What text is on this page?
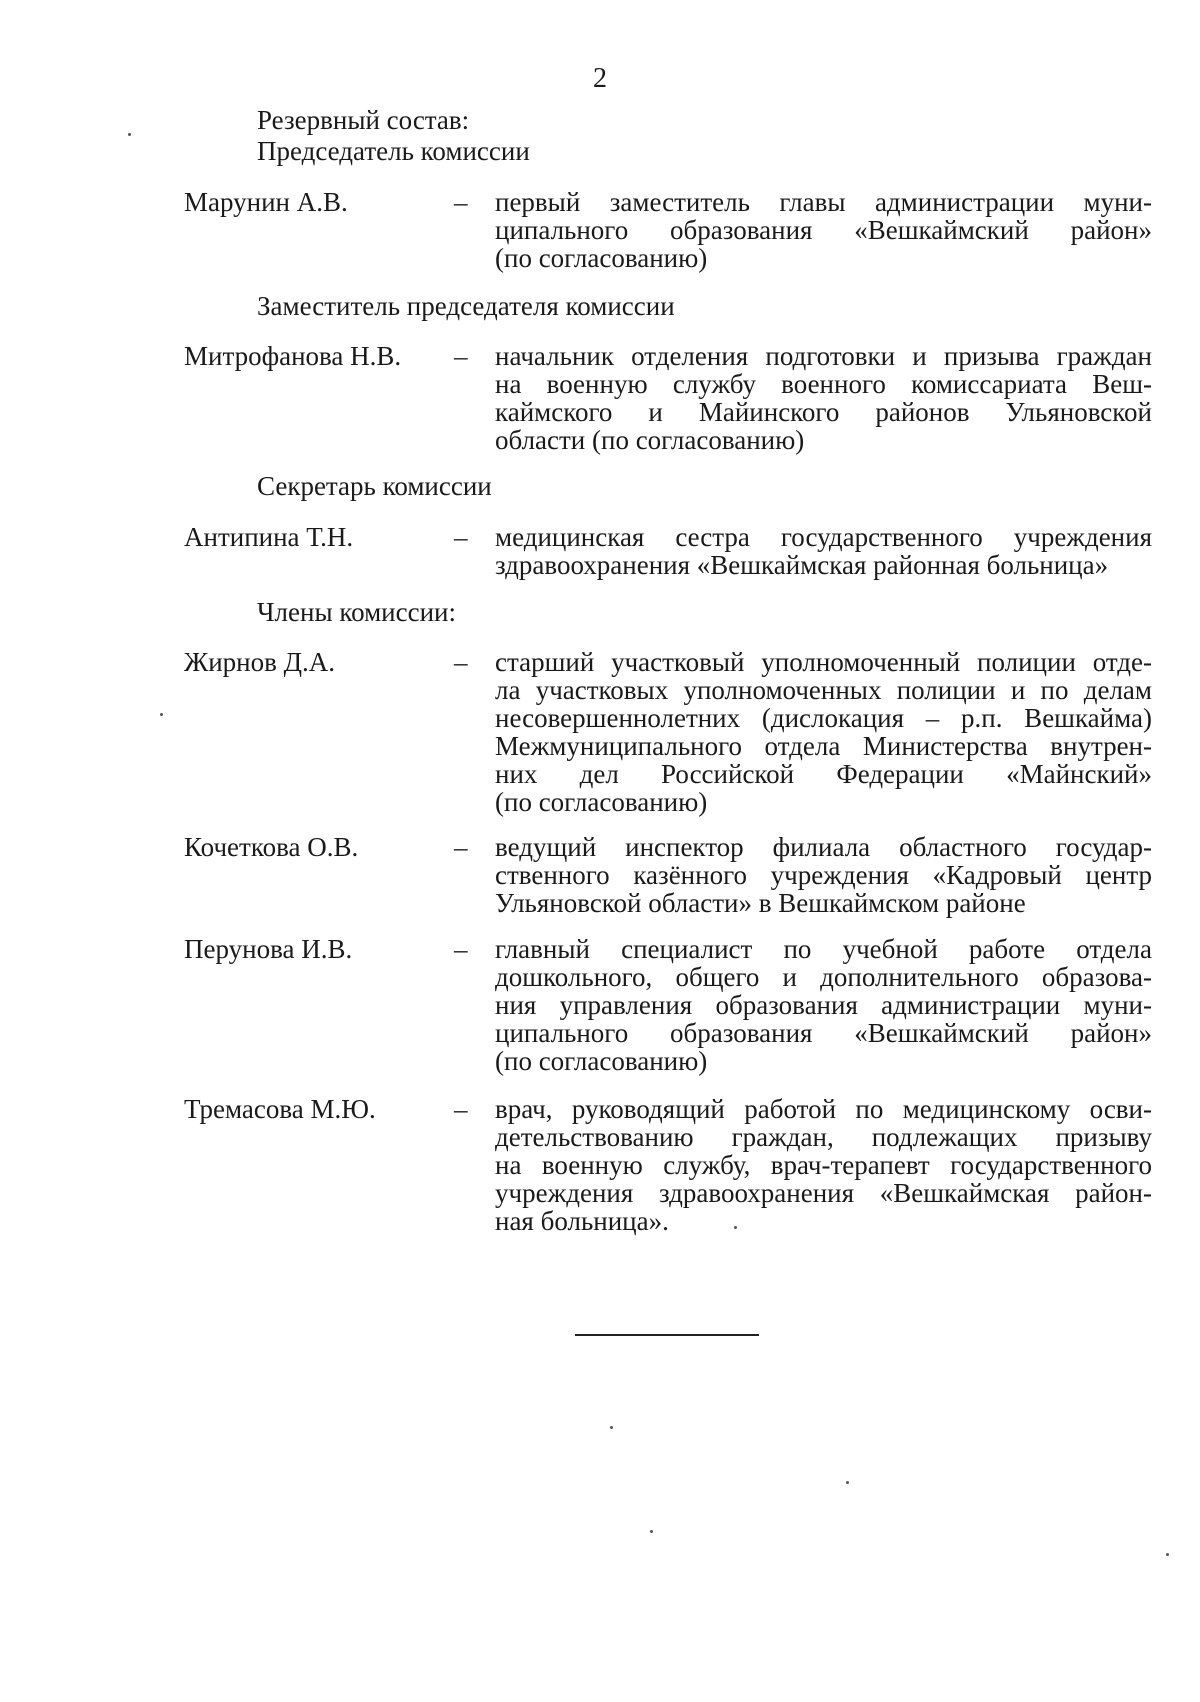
2
Резервный состав:
Председатель комиссии
Марунин А.В.	– первый заместитель главы администрации муни-
ципального образования «Вешкаймский район»
(по согласованию)
Заместитель председателя комиссии
Митрофанова Н.В. – начальник отделения подготовки и призыва граждан
на военную службу военного комиссариата Веш-
каймского и Майинского районов Ульяновской
области (по согласованию)
Секретарь комиссии
Антипина Т.Н.	– медицинская сестра государственного учреждения
здравоохранения «Вешкаймская районная больница»
Члены комиссии:
Жирнов Д.А.	– старший участковый уполномоченный полиции отде-
ла участковых уполномоченных полиции и по делам
несовершеннолетних (дислокация – р.п. Вешкайма)
Межмуниципального отдела Министерства внутрен-
них дел Российской Федерации «Майнский»
(по согласованию)
Кочеткова О.В.	– ведущий инспектор филиала областного государ-
ственного казённого учреждения «Кадровый центр
Ульяновской области» в Вешкаймском районе
Перунова И.В.	– главный специалист по учебной работе отдела
дошкольного, общего и дополнительного образова-
ния управления образования администрации муни-
ципального образования «Вешкаймский район»
(по согласованию)
Тремасова М.Ю.	– врач, руководящий работой по медицинскому осви-
детельствованию граждан, подлежащих призыву
на военную службу, врач-терапевт государственного
учреждения здравоохранения «Вешкаймская район-
ная больница».
